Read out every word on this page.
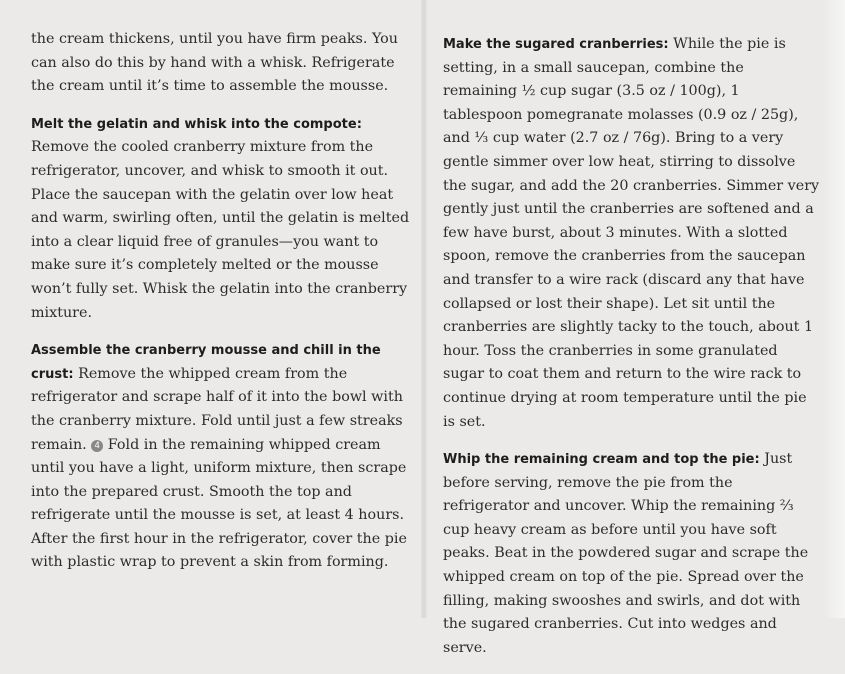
the cream thickens, until you have firm peaks. You can also do this by hand with a whisk. Refrigerate the cream until it’s time to assemble the mousse.

Melt the gelatin and whisk into the compote: Remove the cooled cranberry mixture from the refrigerator, uncover, and whisk to smooth it out. Place the saucepan with the gelatin over low heat and warm, swirling often, until the gelatin is melted into a clear liquid free of granules—you want to make sure it’s completely melted or the mousse won’t fully set. Whisk the gelatin into the cranberry mixture.

Assemble the cranberry mousse and chill in the crust: Remove the whipped cream from the refrigerator and scrape half of it into the bowl with the cranberry mixture. Fold until just a few streaks remain. 4 Fold in the remaining whipped cream until you have a light, uniform mixture, then scrape into the prepared crust. Smooth the top and refrigerate until the mousse is set, at least 4 hours. After the first hour in the refrigerator, cover the pie with plastic wrap to prevent a skin from forming.

Make the sugared cranberries: While the pie is setting, in a small saucepan, combine the remaining ½ cup sugar (3.5 oz / 100g), 1 tablespoon pomegranate molasses (0.9 oz / 25g), and ⅓ cup water (2.7 oz / 76g). Bring to a very gentle simmer over low heat, stirring to dissolve the sugar, and add the 20 cranberries. Simmer very gently just until the cranberries are softened and a few have burst, about 3 minutes. With a slotted spoon, remove the cranberries from the saucepan and transfer to a wire rack (discard any that have collapsed or lost their shape). Let sit until the cranberries are slightly tacky to the touch, about 1 hour. Toss the cranberries in some granulated sugar to coat them and return to the wire rack to continue drying at room temperature until the pie is set.

Whip the remaining cream and top the pie: Just before serving, remove the pie from the refrigerator and uncover. Whip the remaining ⅔ cup heavy cream as before until you have soft peaks. Beat in the powdered sugar and scrape the whipped cream on top of the pie. Spread over the filling, making swooshes and swirls, and dot with the sugared cranberries. Cut into wedges and serve.
